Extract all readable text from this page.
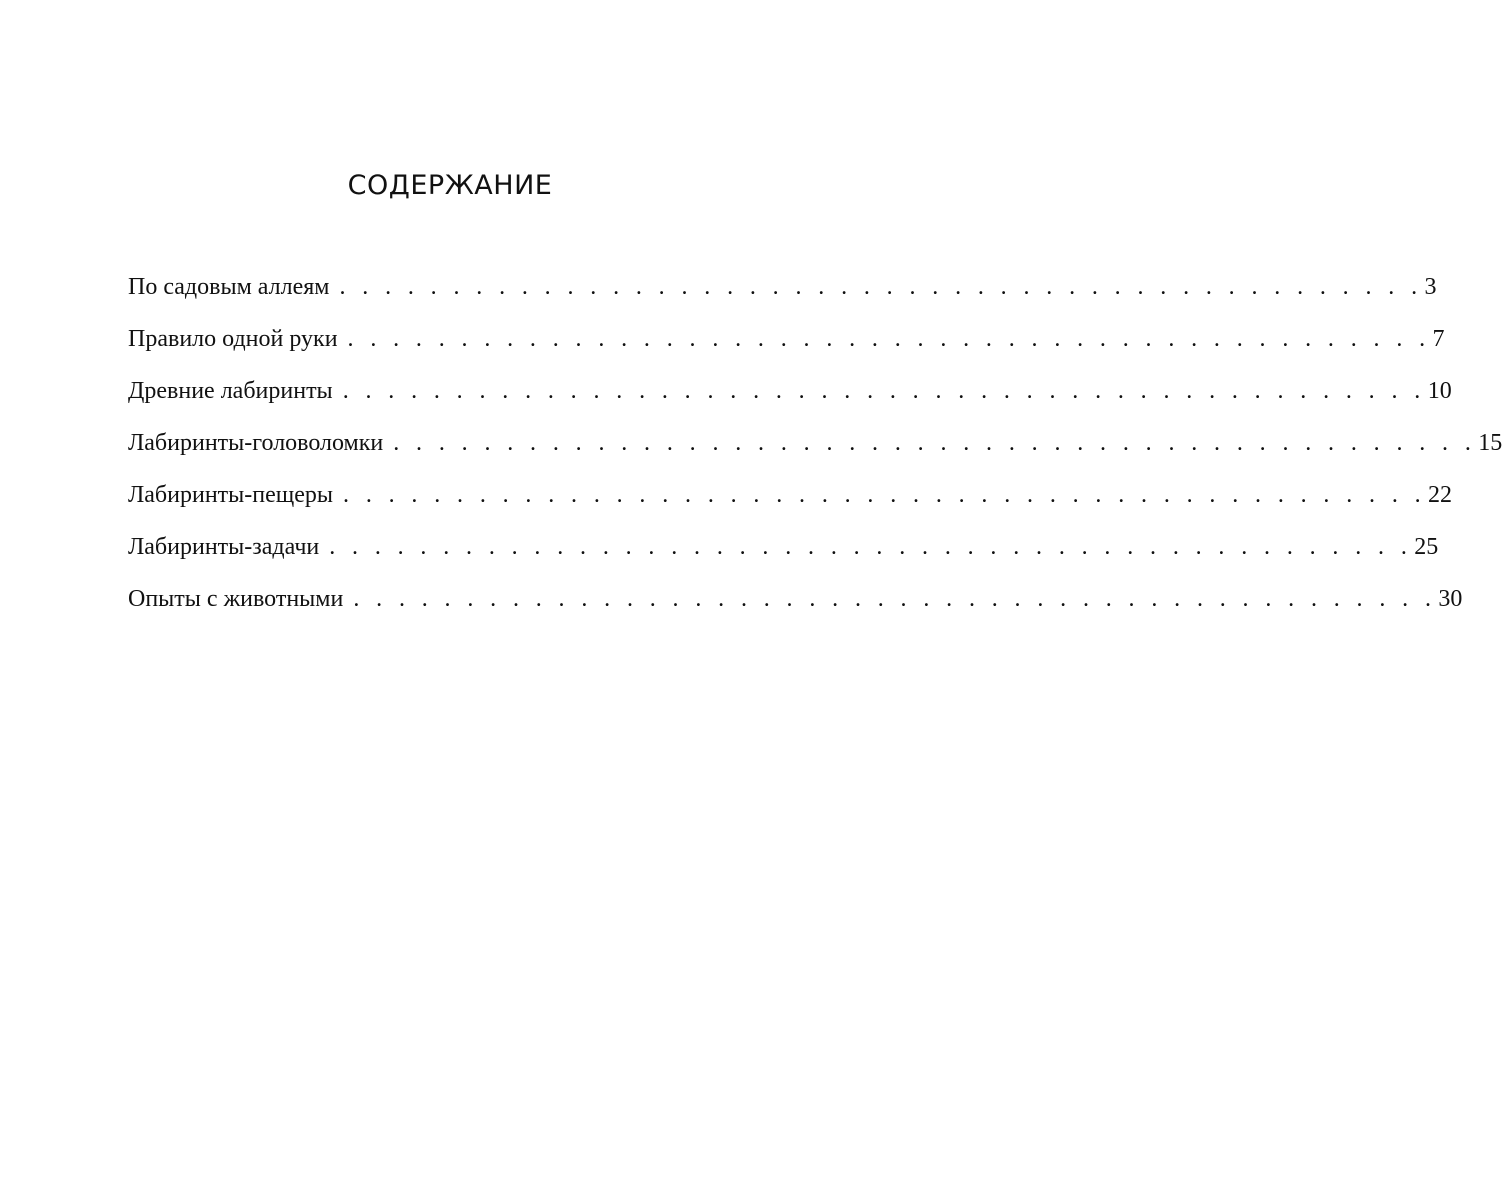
СОДЕРЖАНИЕ
По садовым аллеям . . . . . . . . . . . . . . . . . . . . . . . . . . . . . . . . . . . . . . . . . . . . . . . . 3
Правило одной руки . . . . . . . . . . . . . . . . . . . . . . . . . . . . . . . . . . . . . . . . . . . . . . . . 7
Древние лабиринты . . . . . . . . . . . . . . . . . . . . . . . . . . . . . . . . . . . . . . . . . . . . . . . . 10
Лабиринты-головоломки . . . . . . . . . . . . . . . . . . . . . . . . . . . . . . . . . . . . . . . . . . . . . . . . 15
Лабиринты-пещеры . . . . . . . . . . . . . . . . . . . . . . . . . . . . . . . . . . . . . . . . . . . . . . . . 22
Лабиринты-задачи . . . . . . . . . . . . . . . . . . . . . . . . . . . . . . . . . . . . . . . . . . . . . . . . 25
Опыты с животными . . . . . . . . . . . . . . . . . . . . . . . . . . . . . . . . . . . . . . . . . . . . . . . . 30
